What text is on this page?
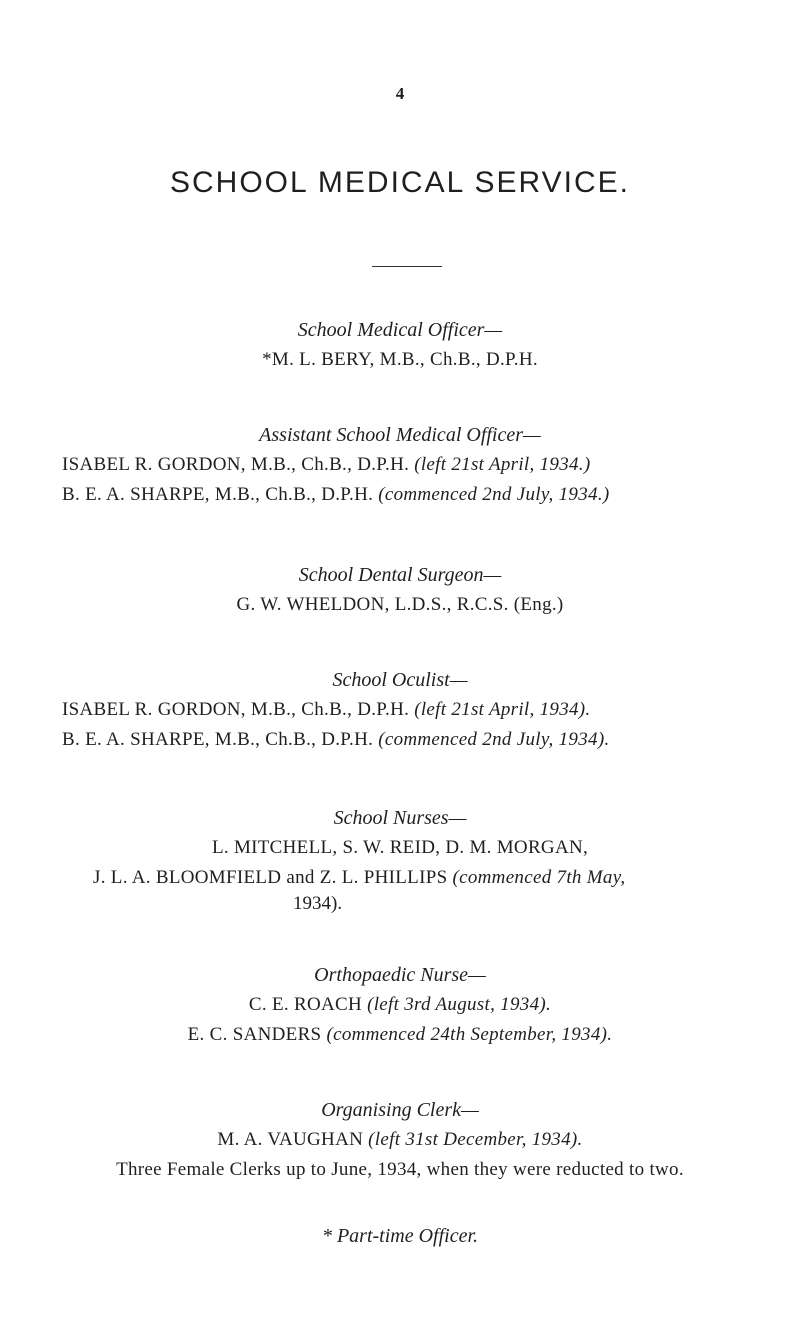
4
SCHOOL MEDICAL SERVICE.
School Medical Officer—
*M. L. BERY, M.B., Ch.B., D.P.H.
Assistant School Medical Officer—
ISABEL R. GORDON, M.B., Ch.B., D.P.H. (left 21st April, 1934.)
B. E. A. SHARPE, M.B., Ch.B., D.P.H. (commenced 2nd July, 1934.)
School Dental Surgeon—
G. W. WHELDON, L.D.S., R.C.S. (Eng.)
School Oculist—
ISABEL R. GORDON, M.B., Ch.B., D.P.H. (left 21st April, 1934).
B. E. A. SHARPE, M.B., Ch.B., D.P.H. (commenced 2nd July, 1934).
School Nurses—
L. MITCHELL, S. W. REID, D. M. MORGAN,
J. L. A. BLOOMFIELD and Z. L. PHILLIPS (commenced 7th May,
1934).
Orthopaedic Nurse—
C. E. ROACH (left 3rd August, 1934).
E. C. SANDERS (commenced 24th September, 1934).
Organising Clerk—
M. A. VAUGHAN (left 31st December, 1934).
Three Female Clerks up to June, 1934, when they were reducted to two.
* Part-time Officer.
